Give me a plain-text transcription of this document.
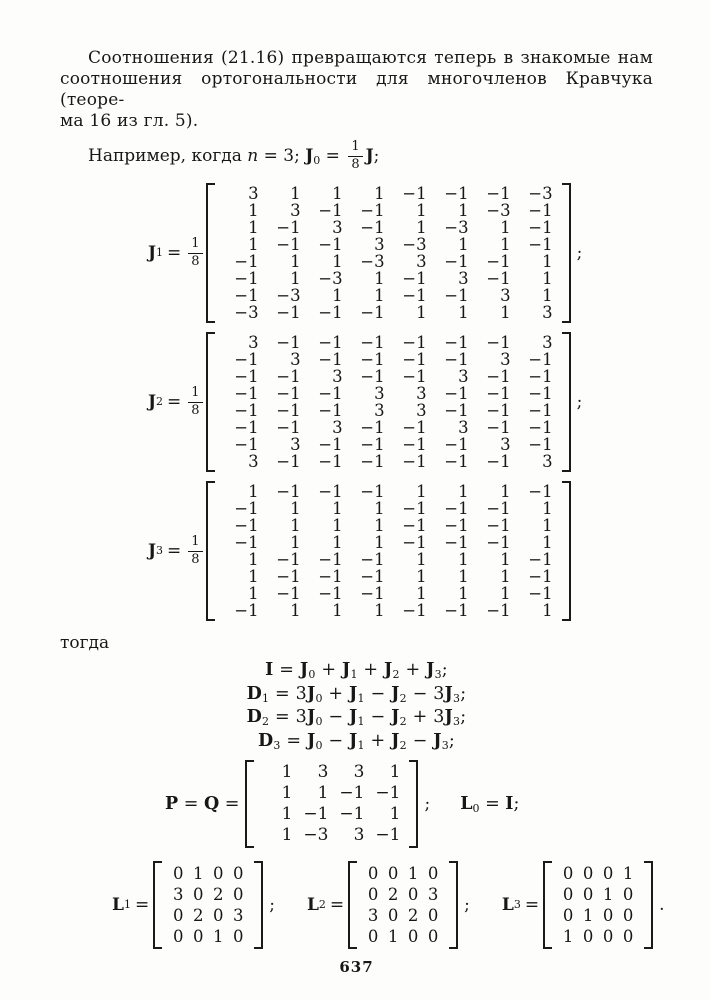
Соотношения (21.16) превращаются теперь в знакомые нам
соотношения ортогональности для многочленов Кравчука (теоре-
ма 16 из гл. 5).
Например, когда n = 3; $J_0 = \frac{1}{8} J$;
J $1 = \frac{1}{8}$
3	1	1	1	−1	−1	−1	−3
1	3	−1	−1	1	1	−3	−1
1	−1	3	−1	1	−3	1	−1
1	−1	−1	3	−3	1	1	−1
−1	1	1	−3	3	−1	−1	1
−1	1	−3	1	−1	3	−1	1
−1	−3	1	1	−1	−1	3	1
−3	−1	−1	−1	1	1	1	3
;
J $2 = \frac{1}{8}$
3	−1	−1	−1	−1	−1	−1	3
−1	3	−1	−1	−1	−1	3	−1
−1	−1	3	−1	−1	3	−1	−1
−1	−1	−1	3	3	−1	−1	−1
−1	−1	−1	3	3	−1	−1	−1
−1	−1	3	−1	−1	3	−1	−1
−1	3	−1	−1	−1	−1	3	−1
3	−1	−1	−1	−1	−1	−1	3
;
J $3 = \frac{1}{8}$
1	−1	−1	−1	1	1	1	−1
−1	1	1	1	−1	−1	−1	1
−1	1	1	1	−1	−1	−1	1
−1	1	1	1	−1	−1	−1	1
1	−1	−1	−1	1	1	1	−1
1	−1	−1	−1	1	1	1	−1
1	−1	−1	−1	1	1	1	−1
−1	1	1	1	−1	−1	−1	1
тогда
$I = J_0 + J_1 + J_2 + J_3$;
$D_1 = 3J_0 + J_1 - J_2 - 3J_3$;
$D_2 = 3J_0 - J_1 - J_2 + 3J_3$;
$D_3 = J_0 - J_1 + J_2 - J_3$;
P = Q =
1	3	3	1
1	1 −1 −1
1 −1 −1	1
1 −3	3 −1
; $L_0 = I$;
L 1 =
0 1 0 0
3 0 2 0
0 2 0 3
0 0 1 0
; L 2 =
0 0 1 0
0 2 0 3
3 0 2 0
0 1 0 0
; L 3 =
0 0 0 1
0 0 1 0
0 1 0 0
1 0 0 0
.
637
